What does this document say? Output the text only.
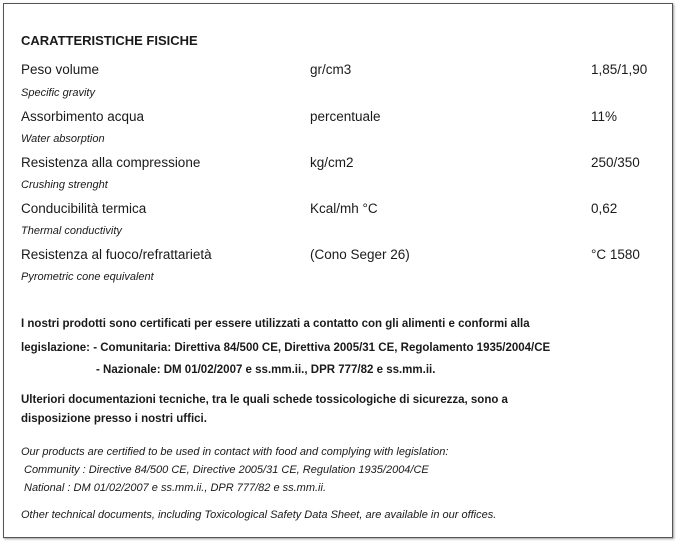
CARATTERISTICHE FISICHE
Peso volume	gr/cm3	1,85/1,90
Specific gravity
Assorbimento acqua	percentuale	11%
Water absorption
Resistenza alla compressione	kg/cm2	250/350
Crushing strenght
Conducibilità termica	Kcal/mh °C	0,62
Thermal conductivity
Resistenza al fuoco/refrattarietà	(Cono Seger 26)	°C 1580
Pyrometric cone equivalent
I nostri prodotti sono certificati per essere utilizzati a contatto con gli alimenti e conformi alla
legislazione: - Comunitaria: Direttiva 84/500 CE, Direttiva 2005/31 CE, Regolamento 1935/2004/CE
- Nazionale: DM 01/02/2007 e ss.mm.ii., DPR 777/82 e ss.mm.ii.
Ulteriori documentazioni tecniche, tra le quali schede tossicologiche di sicurezza, sono a
disposizione presso i nostri uffici.
Our products are certified to be used in contact with food and complying with legislation:
Community : Directive 84/500 CE, Directive 2005/31 CE, Regulation 1935/2004/CE
National : DM 01/02/2007 e ss.mm.ii., DPR 777/82 e ss.mm.ii.
Other technical documents, including Toxicological Safety Data Sheet, are available in our offices.
